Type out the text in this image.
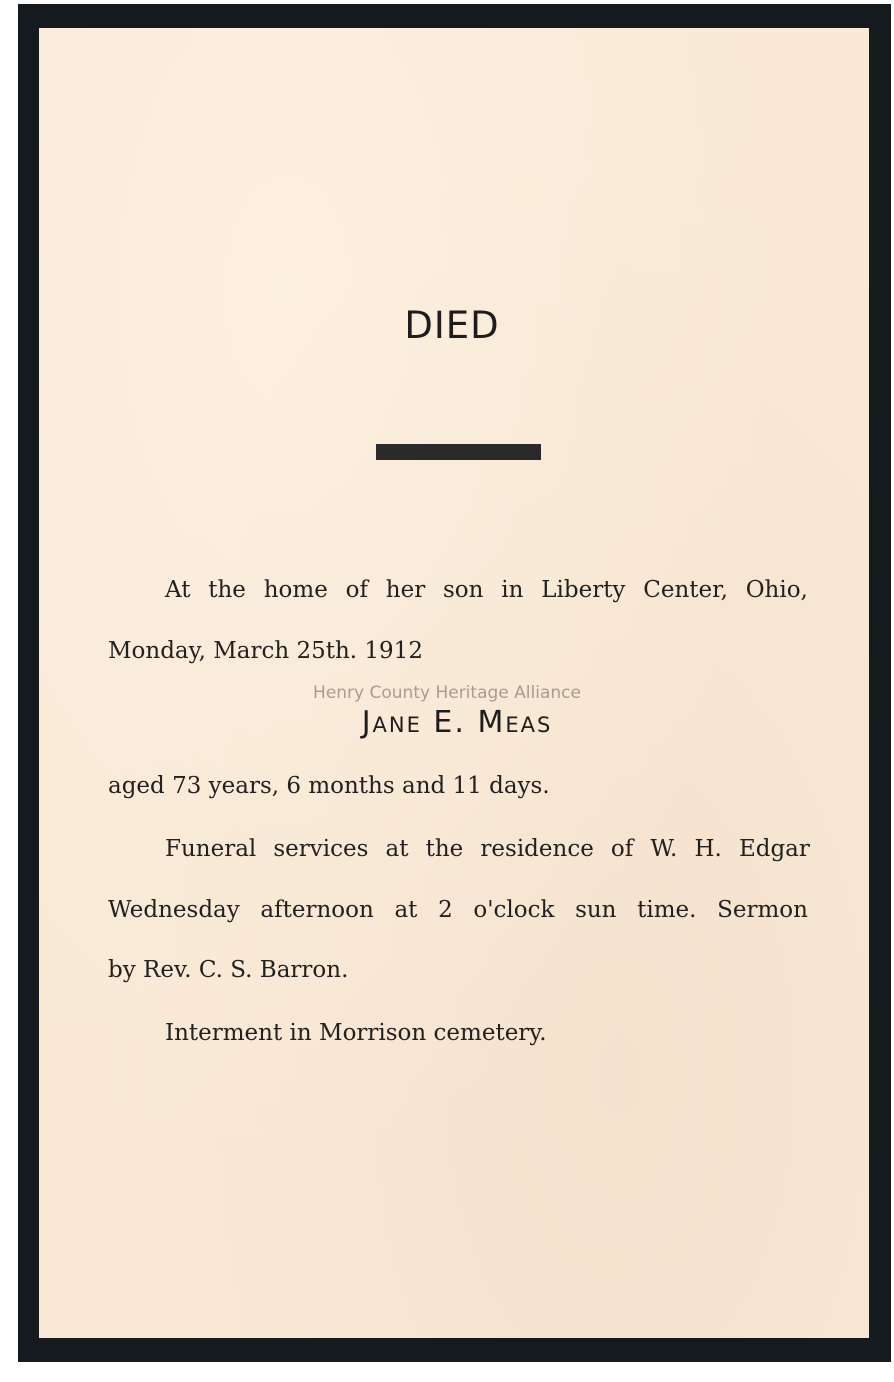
DIED
At the home of her son in Liberty Center, Ohio,
Monday, March 25th. 1912
Henry County Heritage Alliance
Jane E. Meas
aged 73 years, 6 months and 11 days.
Funeral services at the residence of W. H. Edgar
Wednesday afternoon at 2 o'clock sun time. Sermon
by Rev. C. S. Barron.
Interment in Morrison cemetery.
